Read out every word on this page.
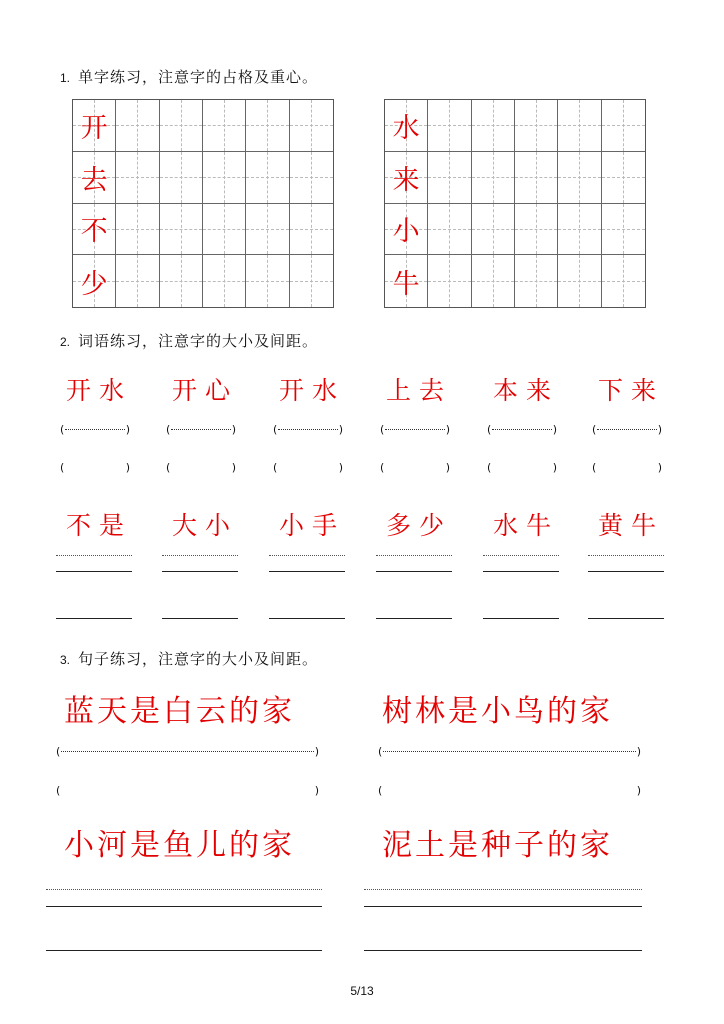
1. 单字练习，注意字的占格及重心。
开
去
不
少
水
来
小
牛
2. 词语练习，注意字的大小及间距。
开水
(	)
(	)
开心
(	)
(	)
开水
(	)
(	)
上去
(	)
(	)
本来
(	)
(	)
下来
(	)
(	)
不是 大小 小手 多少 水牛 黄牛
3. 句子练习，注意字的大小及间距。
蓝天是白云的家	树林是小鸟的家
(	)	(	)
(	)	(	)
小河是鱼儿的家	泥土是种子的家
5/13
